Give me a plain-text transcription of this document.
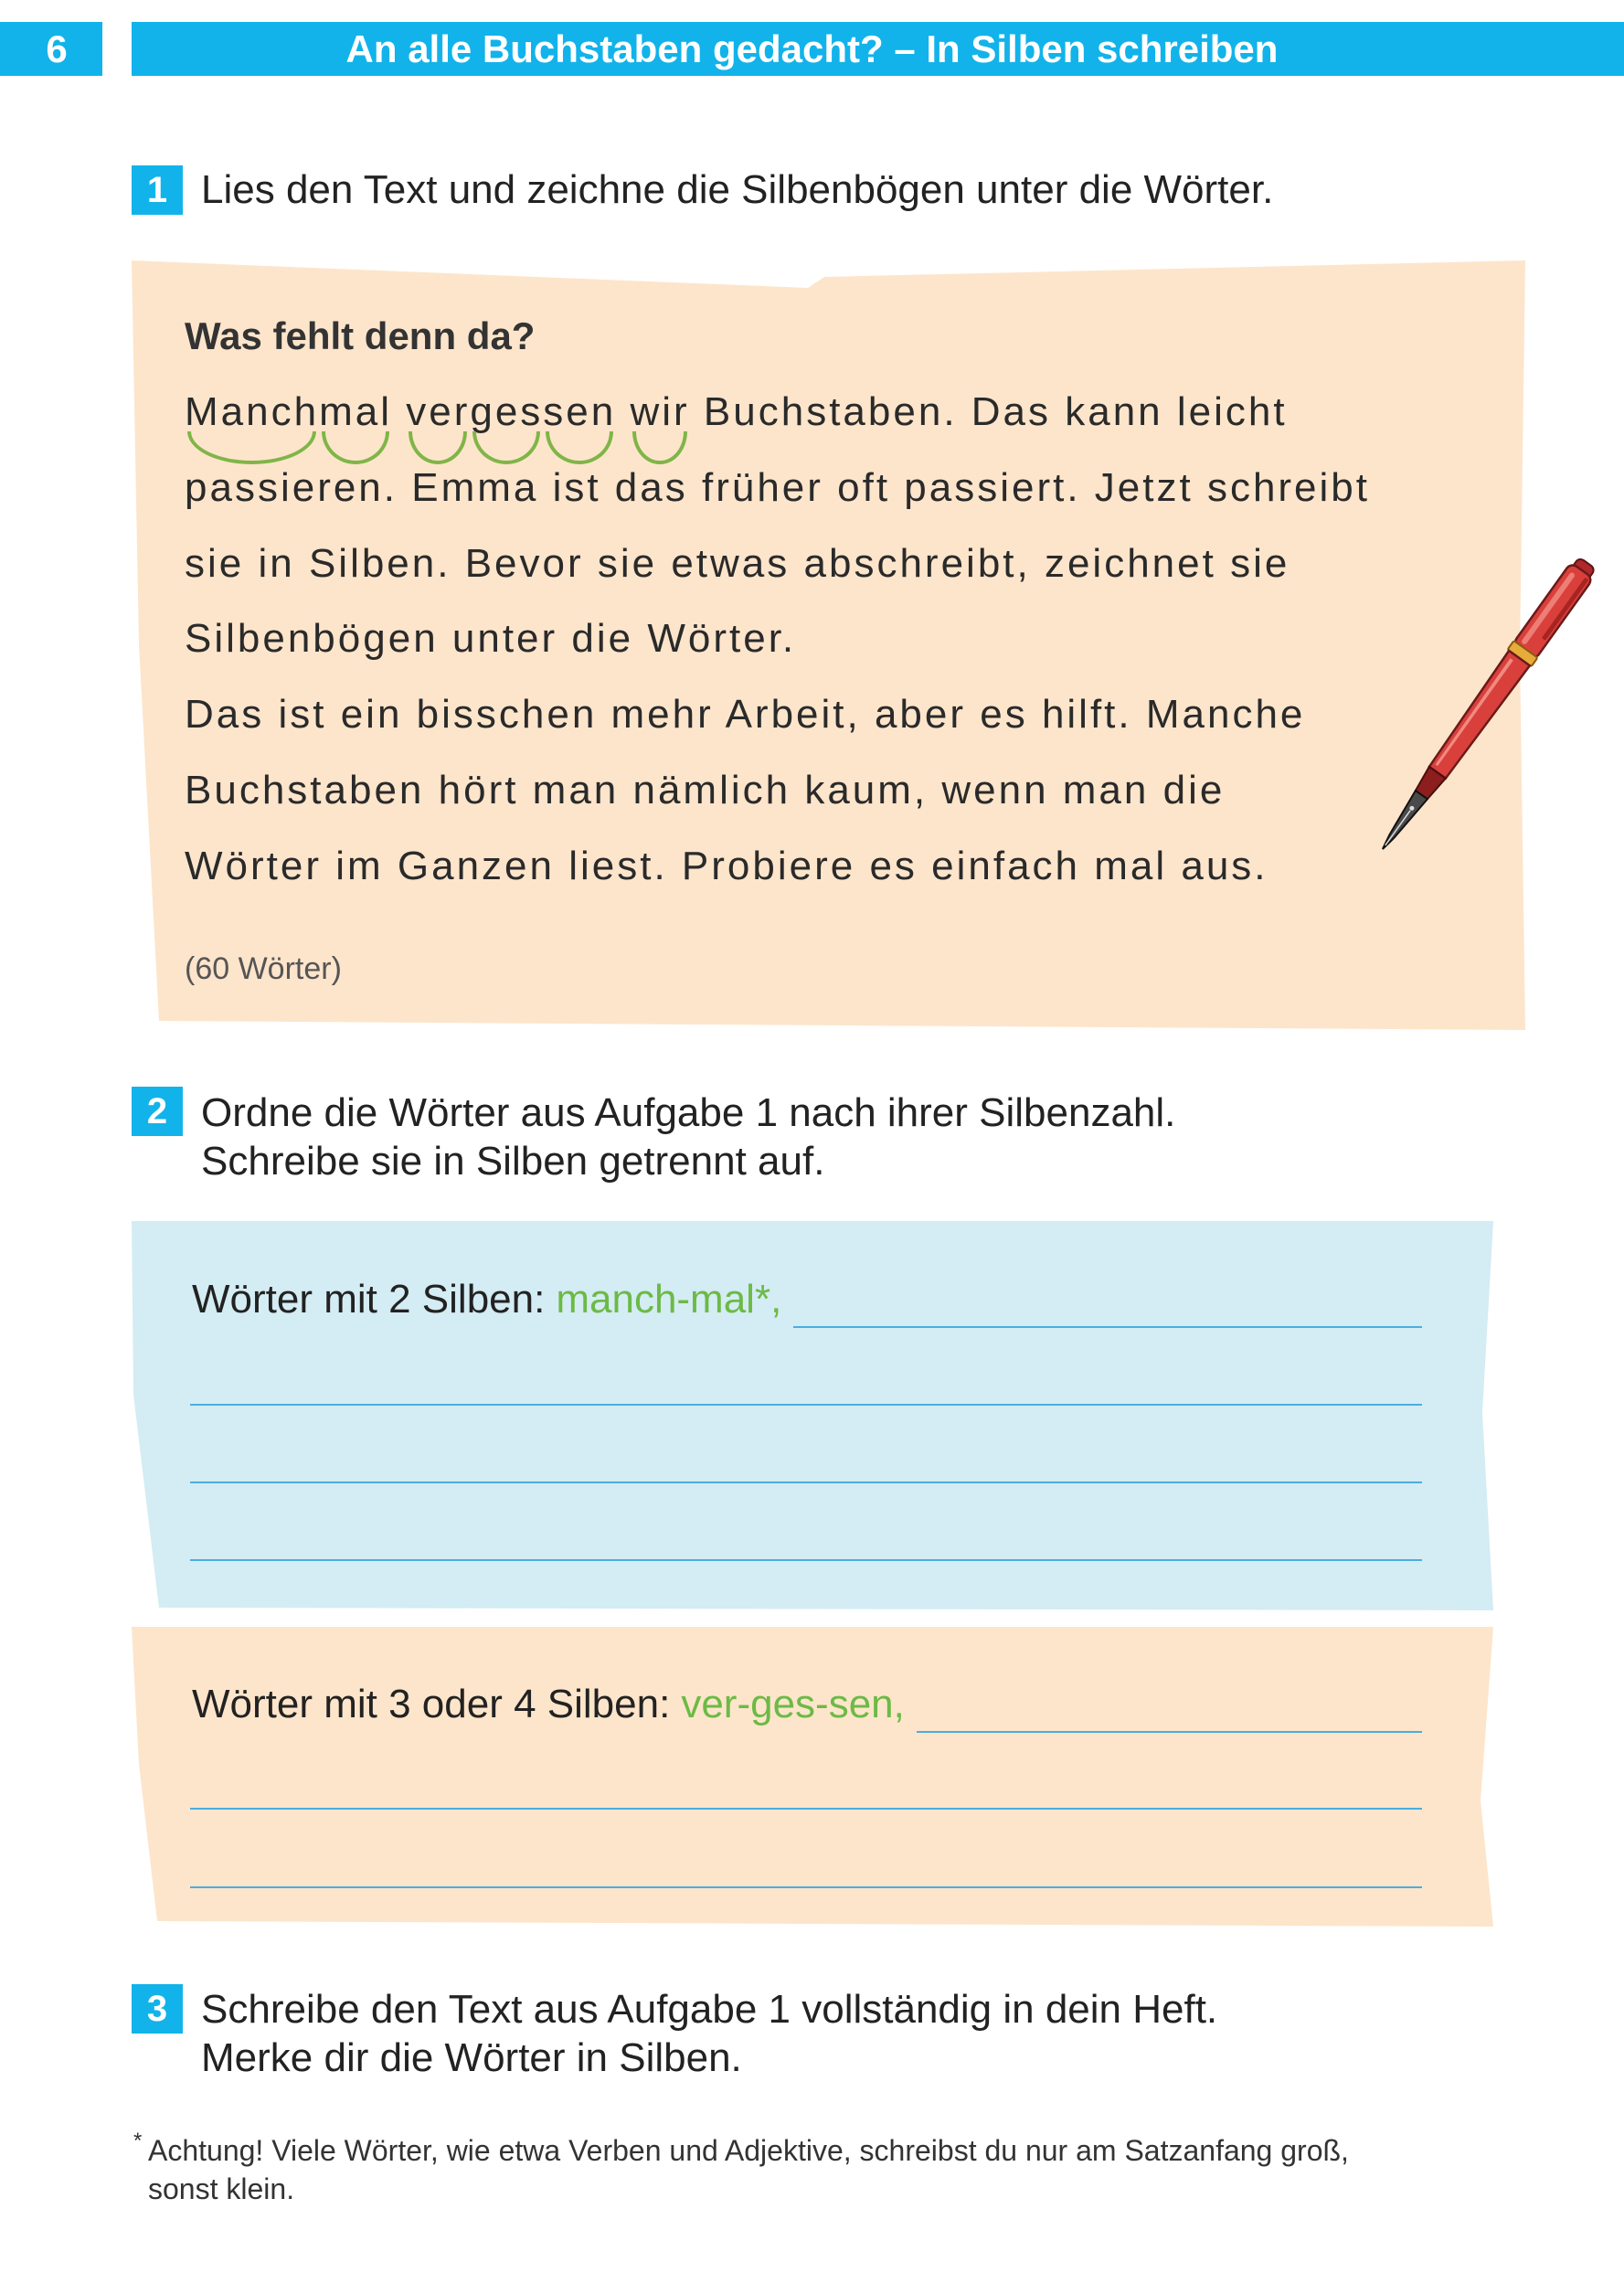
6	An alle Buchstaben gedacht? – In Silben schreiben
1 Lies den Text und zeichne die Silbenbögen unter die Wörter.
Was fehlt denn da?
Manchmal vergessen wir Buchstaben. Das kann leicht
passieren. Emma ist das früher oft passiert. Jetzt schreibt
sie in Silben. Bevor sie etwas abschreibt, zeichnet sie
Silbenbögen unter die Wörter.
Das ist ein bisschen mehr Arbeit, aber es hilft. Manche
Buchstaben hört man nämlich kaum, wenn man die
Wörter im Ganzen liest. Probiere es einfach mal aus.
(60 Wörter)
2 Ordne die Wörter aus Aufgabe 1 nach ihrer Silbenzahl.
Schreibe sie in Silben getrennt auf.
Wörter mit 2 Silben: manch-mal*,
Wörter mit 3 oder 4 Silben: ver-ges-sen,
3 Schreibe den Text aus Aufgabe 1 vollständig in dein Heft.
Merke dir die Wörter in Silben.
* Achtung! Viele Wörter, wie etwa Verben und Adjektive, schreibst du nur am Satzanfang groß,
sonst klein.
